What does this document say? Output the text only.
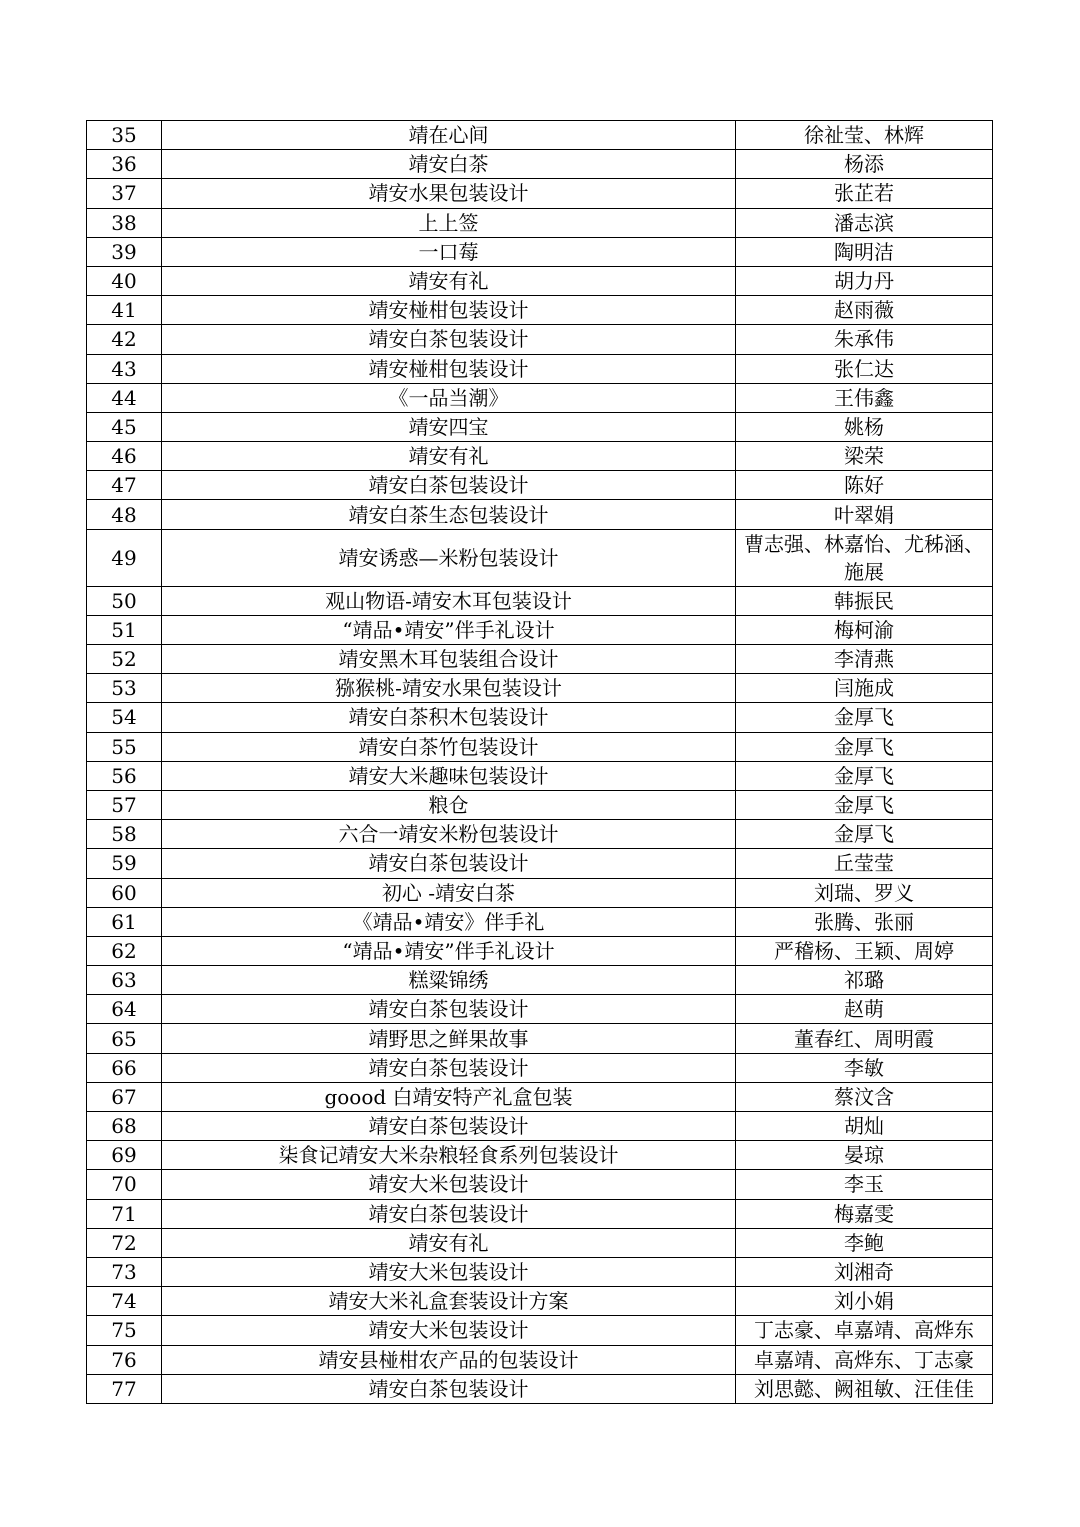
35	靖在心间	徐祉莹、林辉
36	靖安白茶	杨添
37	靖安水果包装设计	张芷若
38	上上签	潘志滨
39	一口莓	陶明洁
40	靖安有礼	胡力丹
41	靖安椪柑包装设计	赵雨薇
42	靖安白茶包装设计	朱承伟
43	靖安椪柑包装设计	张仁达
44	《一品当潮》	王伟鑫
45	靖安四宝	姚杨
46	靖安有礼	梁荣
47	靖安白茶包装设计	陈好
48	靖安白茶生态包装设计	叶翠娟
49	靖安诱惑—米粉包装设计	曹志强、林嘉怡、尤秭涵、施展
50	观山物语-靖安木耳包装设计	韩振民
51	“靖品•靖安”伴手礼设计	梅柯渝
52	靖安黑木耳包装组合设计	李清燕
53	猕猴桃-靖安水果包装设计	闫施成
54	靖安白茶积木包装设计	金厚飞
55	靖安白茶竹包装设计	金厚飞
56	靖安大米趣味包装设计	金厚飞
57	粮仓	金厚飞
58	六合一靖安米粉包装设计	金厚飞
59	靖安白茶包装设计	丘莹莹
60	初心 -靖安白茶	刘瑞、罗义
61	《靖品•靖安》伴手礼	张腾、张丽
62	“靖品•靖安”伴手礼设计	严稽杨、王颖、周婷
63	糕粱锦绣	祁璐
64	靖安白茶包装设计	赵萌
65	靖野思之鲜果故事	董春红、周明霞
66	靖安白茶包装设计	李敏
67	goood 白靖安特产礼盒包装	蔡汶含
68	靖安白茶包装设计	胡灿
69	柒食记靖安大米杂粮轻食系列包装设计	晏琼
70	靖安大米包装设计	李玉
71	靖安白茶包装设计	梅嘉雯
72	靖安有礼	李鲍
73	靖安大米包装设计	刘湘奇
74	靖安大米礼盒套装设计方案	刘小娟
75	靖安大米包装设计	丁志豪、卓嘉靖、高烨东
76	靖安县椪柑农产品的包装设计	卓嘉靖、高烨东、丁志豪
77	靖安白茶包装设计	刘思懿、阙祖敏、汪佳佳
